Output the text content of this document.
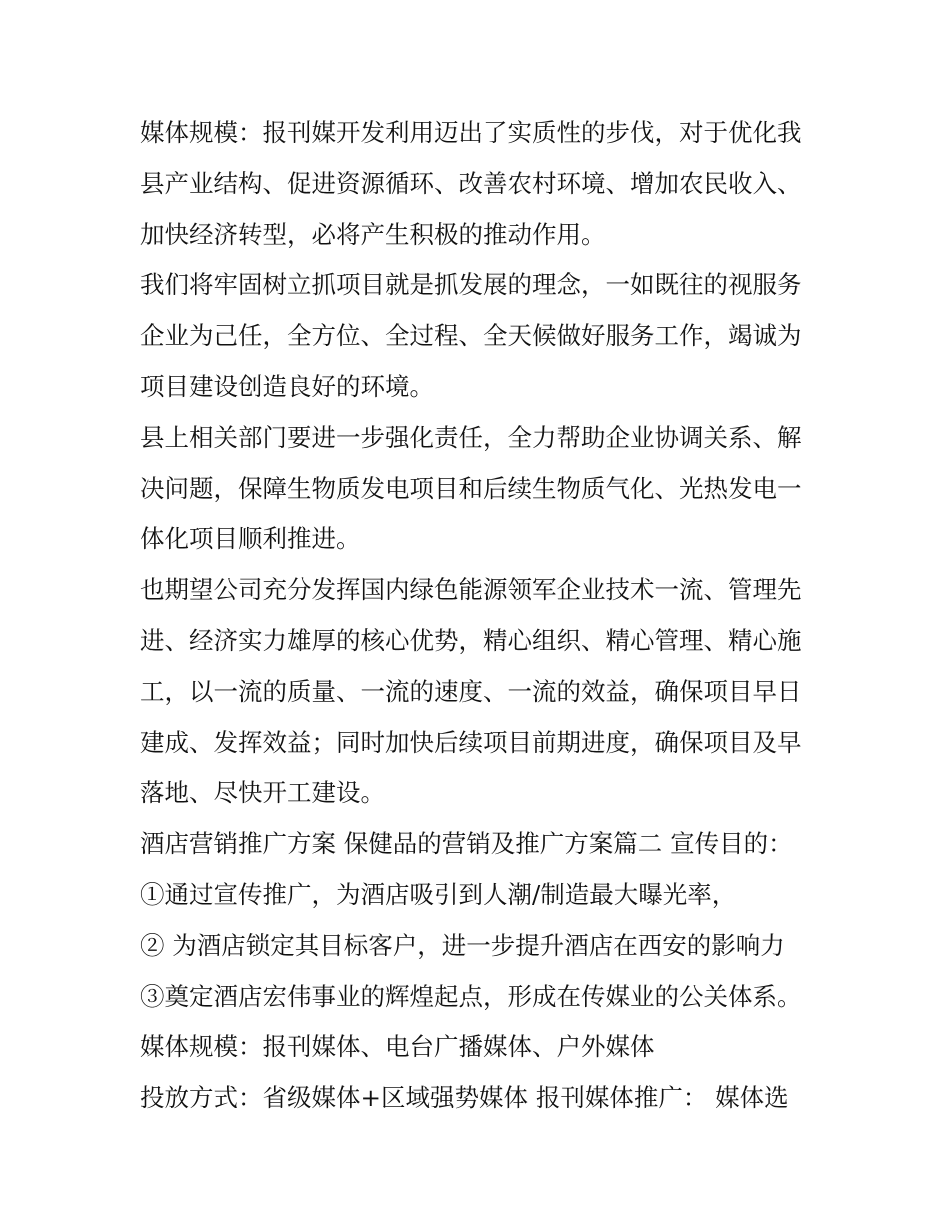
媒体规模：报刊媒开发利用迈出了实质性的步伐，对于优化我
县产业结构、促进资源循环、改善农村环境、增加农民收入、
加快经济转型，必将产生积极的推动作用。

我们将牢固树立抓项目就是抓发展的理念，一如既往的视服务
企业为己任，全方位、全过程、全天候做好服务工作，竭诚为
项目建设创造良好的环境。

县上相关部门要进一步强化责任，全力帮助企业协调关系、解
决问题，保障生物质发电项目和后续生物质气化、光热发电一
体化项目顺利推进。

也期望公司充分发挥国内绿色能源领军企业技术一流、管理先
进、经济实力雄厚的核心优势，精心组织、精心管理、精心施
工，以一流的质量、一流的速度、一流的效益，确保项目早日
建成、发挥效益；同时加快后续项目前期进度，确保项目及早
落地、尽快开工建设。

酒店营销推广方案 保健品的营销及推广方案篇二 宣传目的：

①通过宣传推广，为酒店吸引到人潮/制造最大曝光率，

② 为酒店锁定其目标客户，进一步提升酒店在西安的影响力

③奠定酒店宏伟事业的辉煌起点，形成在传媒业的公关体系。

媒体规模：报刊媒体、电台广播媒体、户外媒体

投放方式：省级媒体+区域强势媒体 报刊媒体推广： 媒体选
